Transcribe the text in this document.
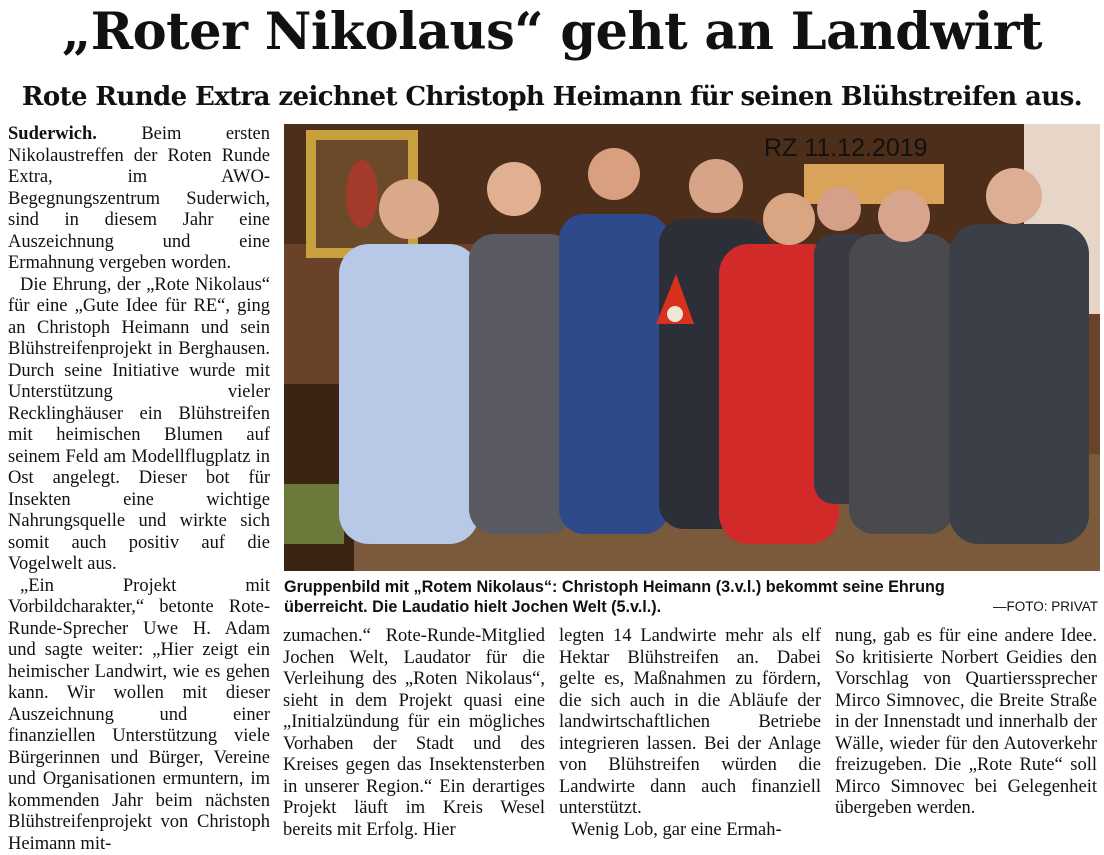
„Roter Nikolaus“ geht an Landwirt
Rote Runde Extra zeichnet Christoph Heimann für seinen Blühstreifen aus.

Suderwich. Beim ersten Nikolaustreffen der Roten Runde Extra, im AWO-Begegnungszentrum Suderwich, sind in diesem Jahr eine Auszeichnung und eine Ermahnung vergeben worden.

Die Ehrung, der „Rote Nikolaus“ für eine „Gute Idee für RE“, ging an Christoph Heimann und sein Blühstreifenprojekt in Berghausen. Durch seine Initiative wurde mit Unterstützung vieler Recklinghäuser ein Blühstreifen mit heimischen Blumen auf seinem Feld am Modellflugplatz in Ost angelegt. Dieser bot für Insekten eine wichtige Nahrungsquelle und wirkte sich somit auch positiv auf die Vogelwelt aus.

„Ein Projekt mit Vorbildcharakter,“ betonte Rote-Runde-Sprecher Uwe H. Adam und sagte weiter: „Hier zeigt ein heimischer Landwirt, wie es gehen kann. Wir wollen mit dieser Auszeichnung und einer finanziellen Unterstützung viele Bürgerinnen und Bürger, Vereine und Organisationen ermuntern, im kommenden Jahr beim nächsten Blühstreifenprojekt von Christoph Heimann mit-

RZ 11.12.2019
Gruppenbild mit „Rotem Nikolaus“: Christoph Heimann (3.v.l.) bekommt seine Ehrung
überreicht. Die Laudatio hielt Jochen Welt (5.v.l.).	—FOTO: PRIVAT

zumachen.“ Rote-Runde-Mitglied Jochen Welt, Laudator für die Verleihung des „Roten Nikolaus“, sieht in dem Projekt quasi eine „Initialzündung für ein mögliches Vorhaben der Stadt und des Kreises gegen das Insektensterben in unserer Region.“ Ein derartiges Projekt läuft im Kreis Wesel bereits mit Erfolg. Hier

legten 14 Landwirte mehr als elf Hektar Blühstreifen an. Dabei gelte es, Maßnahmen zu fördern, die sich auch in die Abläufe der landwirtschaftlichen Betriebe integrieren lassen. Bei der Anlage von Blühstreifen würden die Landwirte dann auch finanziell unterstützt.

Wenig Lob, gar eine Ermah-

nung, gab es für eine andere Idee. So kritisierte Norbert Geidies den Vorschlag von Quartierssprecher Mirco Simnovec, die Breite Straße in der Innenstadt und innerhalb der Wälle, wieder für den Autoverkehr freizugeben. Die „Rote Rute“ soll Mirco Simnovec bei Gelegenheit übergeben werden.
